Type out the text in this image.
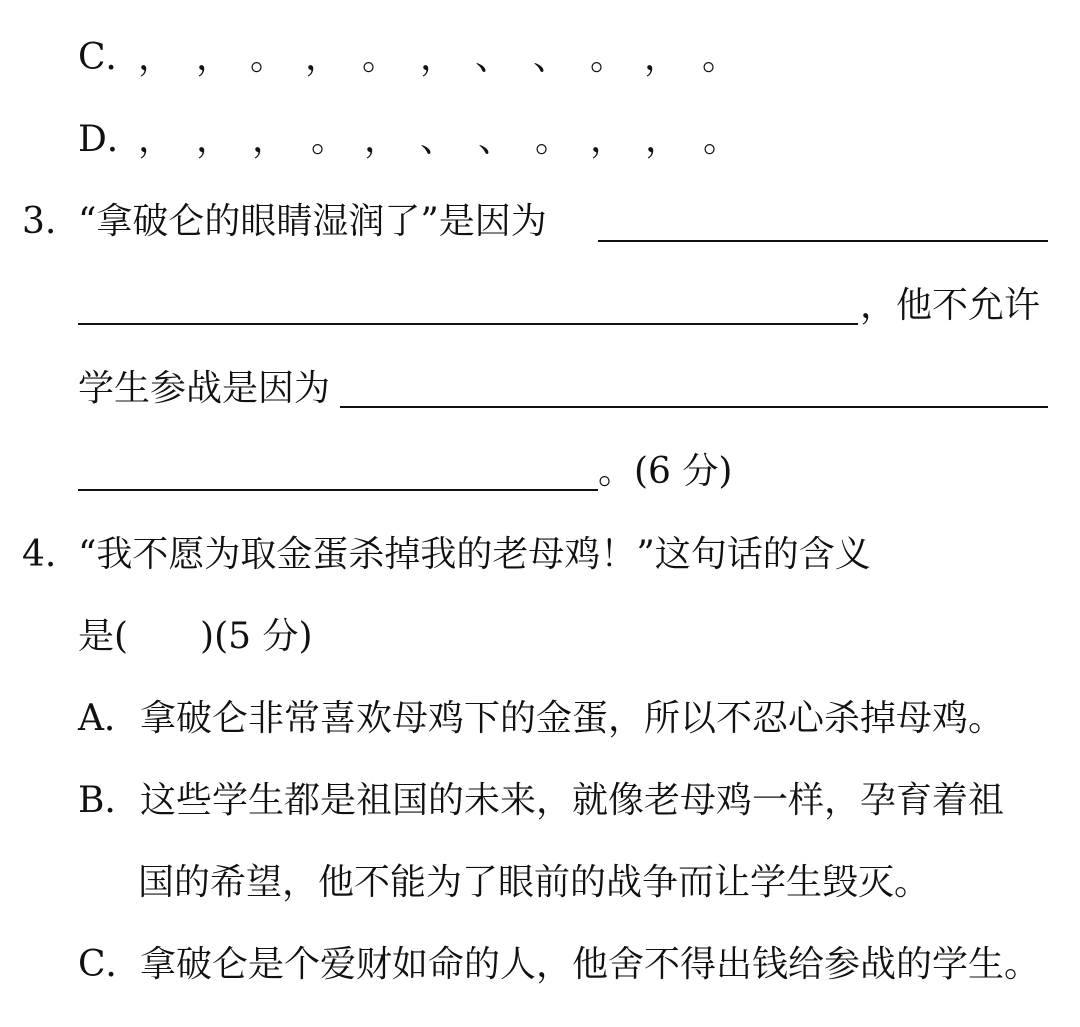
C．
， ， 。 ， 。 ， 、 、 。 ， 。
D．
， ， ， 。 ， 、 、 。 ， ， 。
3. “拿破仑的眼睛湿润了”是因为
，他不允许
学生参战是因为
。(6 分)
4. “我不愿为取金蛋杀掉我的老母鸡！”这句话的含义
是(　　)(5 分)
A． 拿破仑非常喜欢母鸡下的金蛋，所以不忍心杀掉母鸡。
B． 这些学生都是祖国的未来，就像老母鸡一样，孕育着祖
国的希望，他不能为了眼前的战争而让学生毁灭。
C．
拿破仑是个爱财如命的人，他舍不得出钱给参战的学生。
